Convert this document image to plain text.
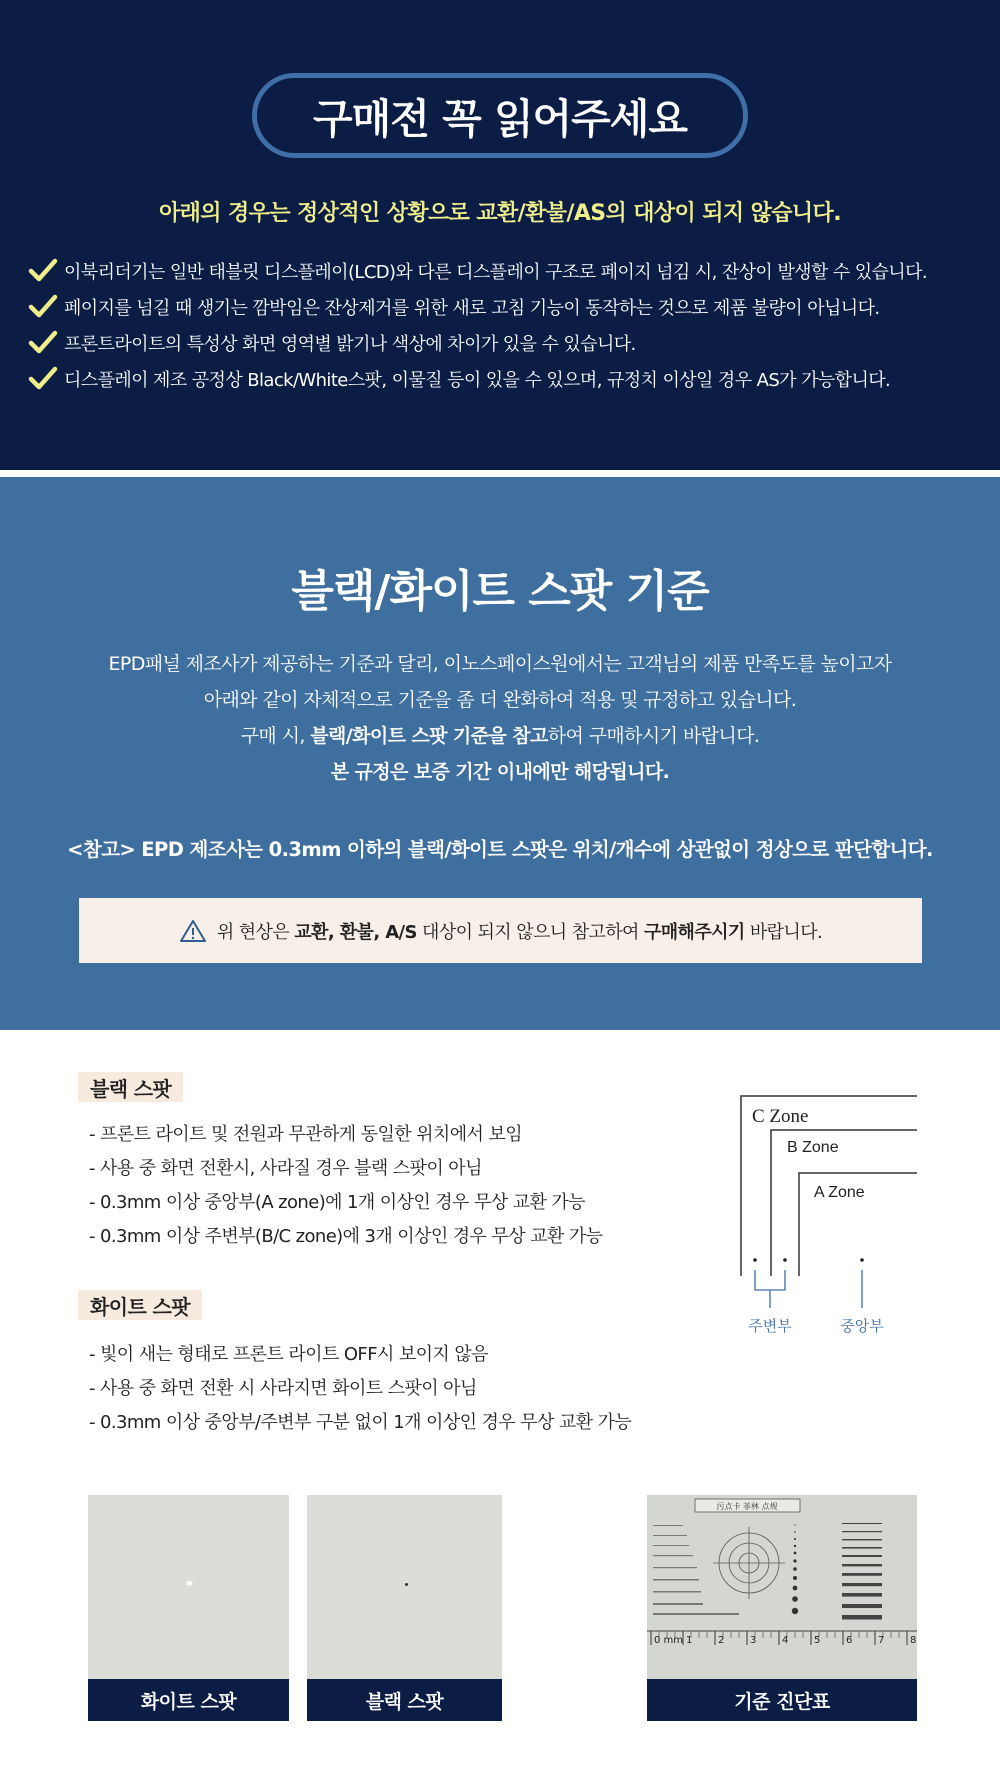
구매전 꼭 읽어주세요
아래의 경우는 정상적인 상황으로 교환/환불/AS의 대상이 되지 않습니다.
이북리더기는 일반 태블릿 디스플레이(LCD)와 다른 디스플레이 구조로 페이지 넘김 시, 잔상이 발생할 수 있습니다.
페이지를 넘길 때 생기는 깜박임은 잔상제거를 위한 새로 고침 기능이 동작하는 것으로 제품 불량이 아닙니다.
프론트라이트의 특성상 화면 영역별 밝기나 색상에 차이가 있을 수 있습니다.
디스플레이 제조 공정상 Black/White스팟, 이물질 등이 있을 수 있으며, 규정치 이상일 경우 AS가 가능합니다.
블랙/화이트 스팟 기준
EPD패널 제조사가 제공하는 기준과 달리, 이노스페이스원에서는 고객님의 제품 만족도를 높이고자
아래와 같이 자체적으로 기준을 좀 더 완화하여 적용 및 규정하고 있습니다.
구매 시, 블랙/화이트 스팟 기준을 참고하여 구매하시기 바랍니다.
본 규정은 보증 기간 이내에만 해당됩니다.
<참고> EPD 제조사는 0.3mm 이하의 블랙/화이트 스팟은 위치/개수에 상관없이 정상으로 판단합니다.
위 현상은 교환, 환불, A/S 대상이 되지 않으니 참고하여 구매해주시기 바랍니다.
블랙 스팟
- 프론트 라이트 및 전원과 무관하게 동일한 위치에서 보임
- 사용 중 화면 전환시, 사라질 경우 블랙 스팟이 아님
- 0.3mm 이상 중앙부(A zone)에 1개 이상인 경우 무상 교환 가능
- 0.3mm 이상 주변부(B/C zone)에 3개 이상인 경우 무상 교환 가능
화이트 스팟
- 빛이 새는 형태로 프론트 라이트 OFF시 보이지 않음
- 사용 중 화면 전환 시 사라지면 화이트 스팟이 아님
- 0.3mm 이상 중앙부/주변부 구분 없이 1개 이상인 경우 무상 교환 가능
C Zone
B Zone
A Zone
주변부	중앙부
화이트 스팟	블랙 스팟
污点卡 菲林 点规
0 mm 1	2	3	4	5	6	7	8
기준 진단표
